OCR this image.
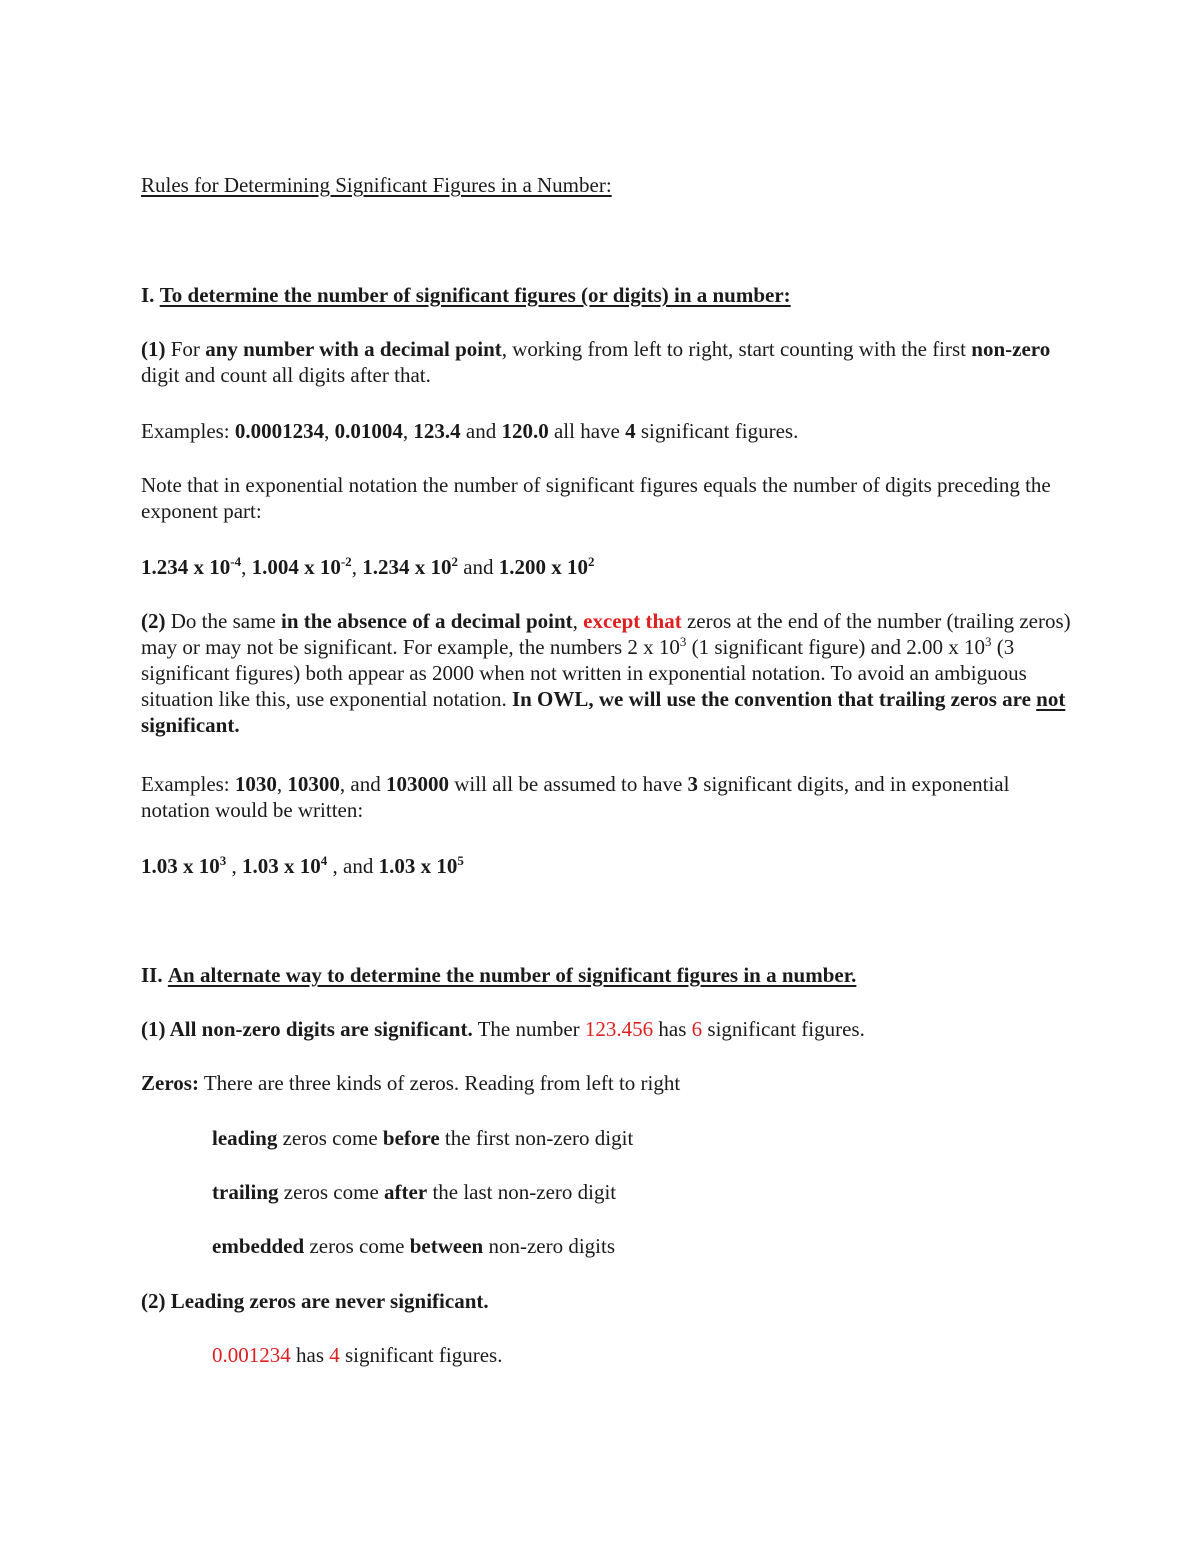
Rules for Determining Significant Figures in a Number:

I. To determine the number of significant figures (or digits) in a number:

(1) For any number with a decimal point, working from left to right, start counting with the first non-zero digit and count all digits after that.

Examples: 0.0001234, 0.01004, 123.4 and 120.0 all have 4 significant figures.

Note that in exponential notation the number of significant figures equals the number of digits preceding the exponent part:

1.234 x $10^{-4}$, 1.004 x $10^{-2}$, 1.234 x $10^2$ and 1.200 x $10^2$

(2) Do the same in the absence of a decimal point, except that zeros at the end of the number (trailing zeros) may or may not be significant. For example, the numbers 2 x $10^3$ (1 significant figure) and 2.00 x $10^3$ (3 significant figures) both appear as 2000 when not written in exponential notation. To avoid an ambiguous situation like this, use exponential notation. In OWL, we will use the convention that trailing zeros are not significant.

Examples: 1030, 10300, and 103000 will all be assumed to have 3 significant digits, and in exponential notation would be written:

1.03 x $10^3$ , 1.03 x $10^4$ , and 1.03 x $10^5$

II. An alternate way to determine the number of significant figures in a number.

(1) All non-zero digits are significant. The number 123.456 has 6 significant figures.

Zeros: There are three kinds of zeros. Reading from left to right

leading zeros come before the first non-zero digit

trailing zeros come after the last non-zero digit

embedded zeros come between non-zero digits

(2) Leading zeros are never significant.

0.001234 has 4 significant figures.
